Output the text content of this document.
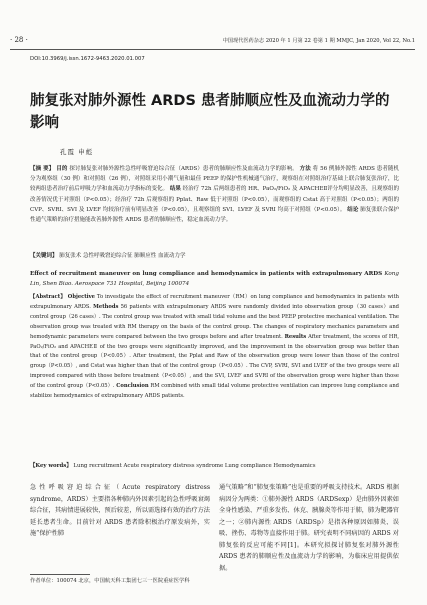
· 28 ·	中国现代医药杂志 2020 年 1 月第 22 卷第 1 期 MMJC, Jan 2020, Vol 22, No.1
DOI:10.3969/j.issn.1672-9463.2020.01.007
肺复张对肺外源性 ARDS 患者肺顺应性及血流动力学的影响
孔霞 申彪
【摘 要】 目的 探讨肺复张对肺外源性急性呼吸窘迫综合征（ARDS）患者的肺顺应性及血流动力学的影响。 方法 将 56 例肺外源性 ARDS 患者随机分为观察组（30 例）和对照组（26 例），对照组采用小潮气量和最佳 PEEP 的保护性机械通气治疗，观察组在对照组治疗基础上联合肺复张治疗，比较两组患者治疗前后呼吸力学和血流动力学指标的变化。 结果 经治疗 72h 后两组患者的 HR、PaO₂/FiO₂ 及 APACHEⅡ评分均明显改善，且观察组的改善情况优于对照组（P<0.05）；经治疗 72h 后观察组的 Pplat、Raw 低于对照组（P<0.05），而观察组的 Cstat 高于对照组（P<0.05）；两组的 CVP、SVRI、SVI 及 LVEF 均较治疗前有明显改善（P<0.05），且观察组的 SVI、LVEF 及 SVRI 均高于对照组（P<0.05）。 结论 肺复张联合保护性通气策略的治疗措施能改善肺外源性 ARDS 患者的肺顺应性，稳定血流动力学。
【关键词】 肺复张术 急性呼吸窘迫综合征 肺顺应性 血流动力学
Effect of recruitment maneuver on lung compliance and hemodynamics in patients with extrapulmonary ARDS Kong Lin, Shen Biao. Aerospace 731 Hospital, Beijing 100074
【Abstract】 Objective To investigate the effect of recruitment maneuver（RM）on lung compliance and hemodynamics in patients with extrapulmonary ARDS. Methods 56 patients with extrapulmonary ARDS were randomly divided into observation group（30 cases）and control group（26 cases）. The control group was treated with small tidal volume and the best PEEP protective mechanical ventilation. The observation group was treated with RM therapy on the basis of the control group. The changes of respiratory mechanics parameters and hemodynamic parameters were compared between the two groups before and after treatment. Results After treatment, the scores of HR, PaO₂/FiO₂ and APACHEⅡ of the two groups were significantly improved, and the improvement in the observation group was better than that of the control group（P<0.05）. After treatment, the Pplat and Raw of the observation group were lower than those of the control group（P<0.05）, and Cstat was higher than that of the control group（P<0.05）. The CVP, SVRI, SVI and LVEF of the two groups were all improved compared with those before treatment（P<0.05）, and the SVI, LVEF and SVRI of the observation group were higher than those of the control group（P<0.05）. Conclusion RM combined with small tidal volume protective ventilation can improve lung compliance and stabilize hemodynamics of extrapulmonary ARDS patients.
【Key words】 Lung recruitment Acute respiratory distress syndrome Lung compliance Hemodynamics
急性呼吸窘迫综合征（Acute respiratory distress syndrome，ARDS）主要指各种肺内外因素引起的急性呼吸衰竭综合征，其病情进展较快，预后较差，所以需选择有效的治疗方法延长患者生命。目前针对 ARDS 患者除积极治疗原发病外，实施“保护性肺
通气策略”和“肺复张策略”也是重要的呼吸支持技术。ARDS 根据病因分为两类：①肺外源性 ARDS（ARDSexp）是由肺外因素如全身性感染、严重多发伤、休克、胰腺炎等作用于肺，肺为靶器官之一；②肺内源性 ARDS（ARDSp）是指各种原因如肺炎、误吸、挫伤、毒物等直接作用于肺。研究表明不同病因的 ARDS 对肺复张的反应可能不同[1]。本研究拟探讨肺复张对肺外源性 ARDS 患者的肺顺应性及血流动力学的影响，为临床应用提供依据。
作者单位：100074 北京，中国航天科工集团七三一医院重症医学科
